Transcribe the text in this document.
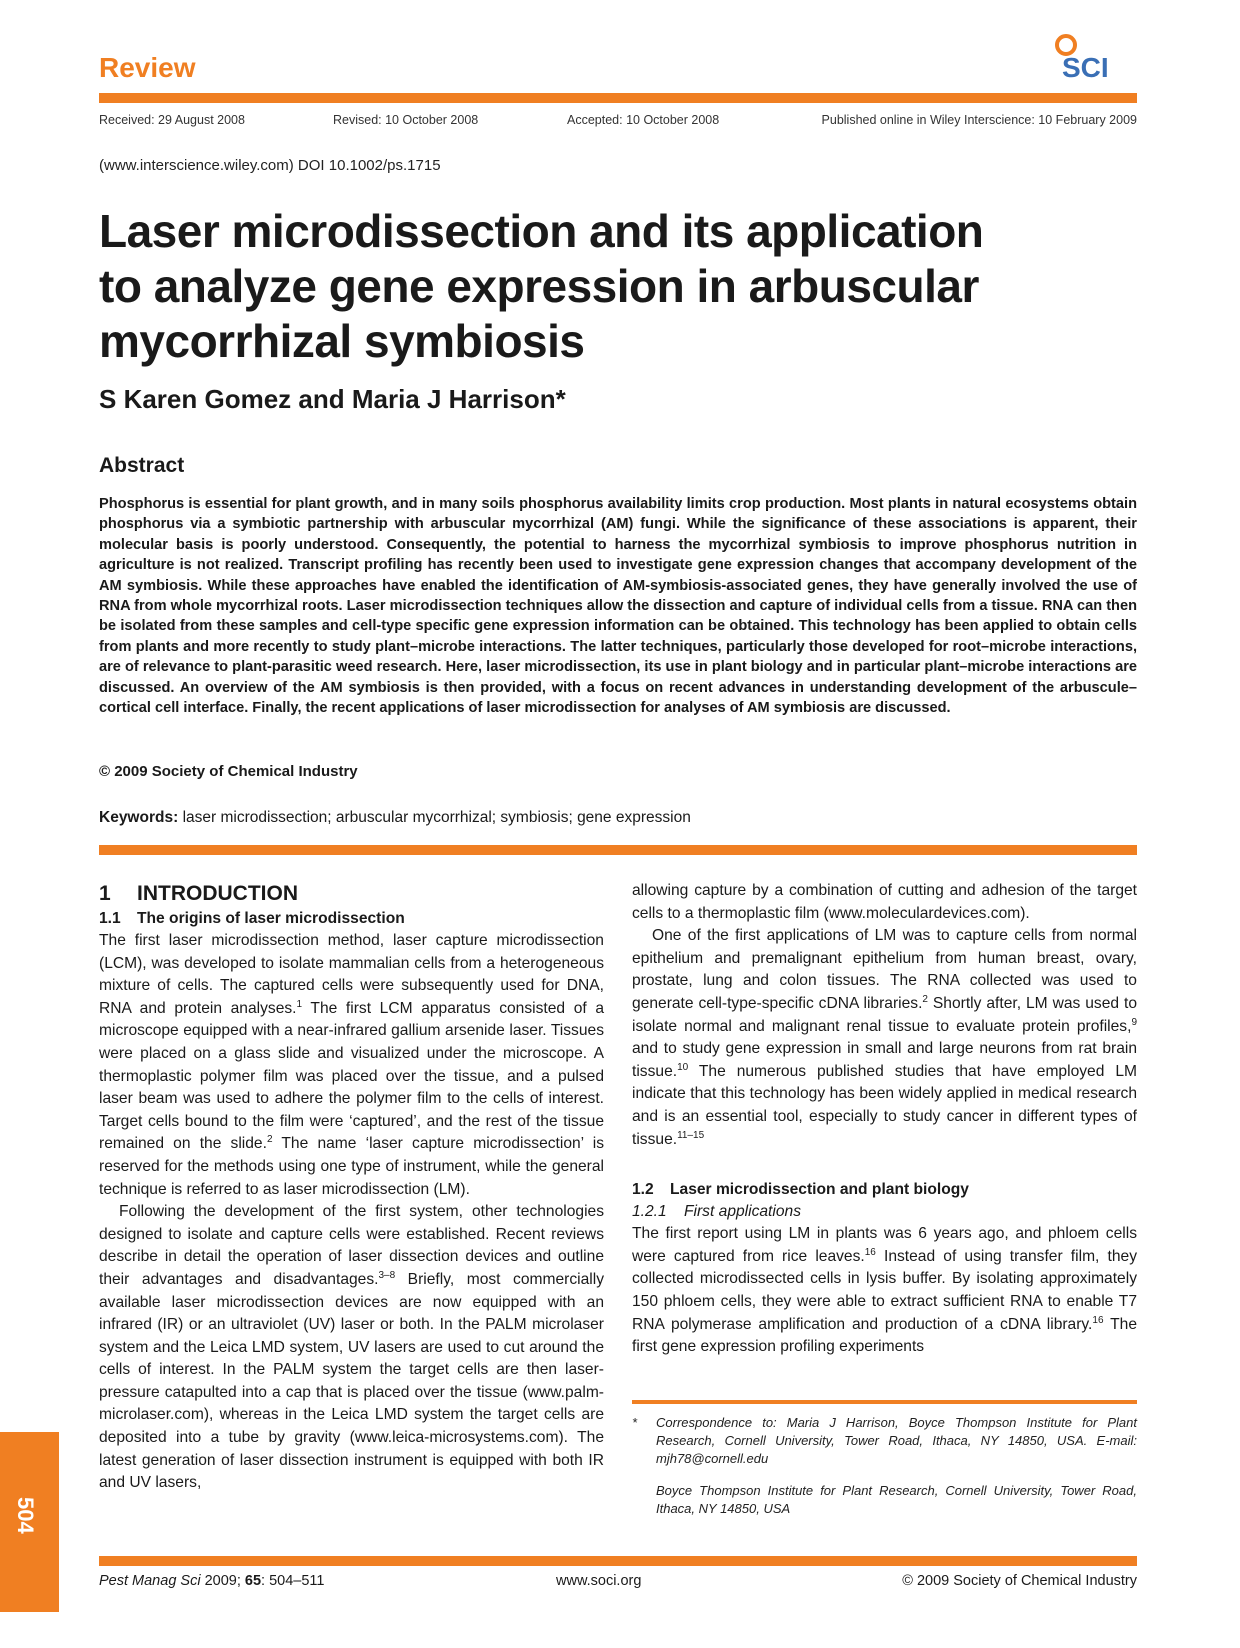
Review	SCI
Received: 29 August 2008	Revised: 10 October 2008	Accepted: 10 October 2008	Published online in Wiley Interscience: 10 February 2009
(www.interscience.wiley.com) DOI 10.1002/ps.1715
Laser microdissection and its application to analyze gene expression in arbuscular mycorrhizal symbiosis
S Karen Gomez and Maria J Harrison*
Abstract

Phosphorus is essential for plant growth, and in many soils phosphorus availability limits crop production. Most plants in natural ecosystems obtain phosphorus via a symbiotic partnership with arbuscular mycorrhizal (AM) fungi. While the significance of these associations is apparent, their molecular basis is poorly understood. Consequently, the potential to harness the mycorrhizal symbiosis to improve phosphorus nutrition in agriculture is not realized. Transcript profiling has recently been used to investigate gene expression changes that accompany development of the AM symbiosis. While these approaches have enabled the identification of AM-symbiosis-associated genes, they have generally involved the use of RNA from whole mycorrhizal roots. Laser microdissection techniques allow the dissection and capture of individual cells from a tissue. RNA can then be isolated from these samples and cell-type specific gene expression information can be obtained. This technology has been applied to obtain cells from plants and more recently to study plant–microbe interactions. The latter techniques, particularly those developed for root–microbe interactions, are of relevance to plant-parasitic weed research. Here, laser microdissection, its use in plant biology and in particular plant–microbe interactions are discussed. An overview of the AM symbiosis is then provided, with a focus on recent advances in understanding development of the arbuscule–cortical cell interface. Finally, the recent applications of laser microdissection for analyses of AM symbiosis are discussed.

© 2009 Society of Chemical Industry
Keywords: laser microdissection; arbuscular mycorrhizal; symbiosis; gene expression
1 INTRODUCTION
1.1 The origins of laser microdissection

The first laser microdissection method, laser capture microdissection (LCM), was developed to isolate mammalian cells from a heterogeneous mixture of cells. The captured cells were subsequently used for DNA, RNA and protein analyses.$^1$ The first LCM apparatus consisted of a microscope equipped with a near-infrared gallium arsenide laser. Tissues were placed on a glass slide and visualized under the microscope. A thermoplastic polymer film was placed over the tissue, and a pulsed laser beam was used to adhere the polymer film to the cells of interest. Target cells bound to the film were ‘captured’, and the rest of the tissue remained on the slide.$^2$ The name ‘laser capture microdissection’ is reserved for the methods using one type of instrument, while the general technique is referred to as laser microdissection (LM).

Following the development of the first system, other technologies designed to isolate and capture cells were established. Recent reviews describe in detail the operation of laser dissection devices and outline their advantages and disadvantages.$^{3-8}$ Briefly, most commercially available laser microdissection devices are now equipped with an infrared (IR) or an ultraviolet (UV) laser or both. In the PALM microlaser system and the Leica LMD system, UV lasers are used to cut around the cells of interest. In the PALM system the target cells are then laser-pressure catapulted into a cap that is placed over the tissue (www.palm-microlaser.com), whereas in the Leica LMD system the target cells are deposited into a tube by gravity (www.leica-microsystems.com). The latest generation of laser dissection instrument is equipped with both IR and UV lasers,

allowing capture by a combination of cutting and adhesion of the target cells to a thermoplastic film (www.moleculardevices.com).

One of the first applications of LM was to capture cells from normal epithelium and premalignant epithelium from human breast, ovary, prostate, lung and colon tissues. The RNA collected was used to generate cell-type-specific cDNA libraries.$^2$ Shortly after, LM was used to isolate normal and malignant renal tissue to evaluate protein profiles,$^9$ and to study gene expression in small and large neurons from rat brain tissue.$^{10}$ The numerous published studies that have employed LM indicate that this technology has been widely applied in medical research and is an essential tool, especially to study cancer in different types of tissue.$^{11-15}$

1.2 Laser microdissection and plant biology
1.2.1 First applications

The first report using LM in plants was 6 years ago, and phloem cells were captured from rice leaves.$^{16}$ Instead of using transfer film, they collected microdissected cells in lysis buffer. By isolating approximately 150 phloem cells, they were able to extract sufficient RNA to enable T7 RNA polymerase amplification and production of a cDNA library.$^{16}$ The first gene expression profiling experiments

*	Correspondence to: Maria J Harrison, Boyce Thompson Institute for Plant Research, Cornell University, Tower Road, Ithaca, NY 14850, USA. E-mail: mjh78@cornell.edu

Boyce Thompson Institute for Plant Research, Cornell University, Tower Road, Ithaca, NY 14850, USA

504
Pest Manag Sci 2009; 65: 504–511	www.soci.org	© 2009 Society of Chemical Industry
